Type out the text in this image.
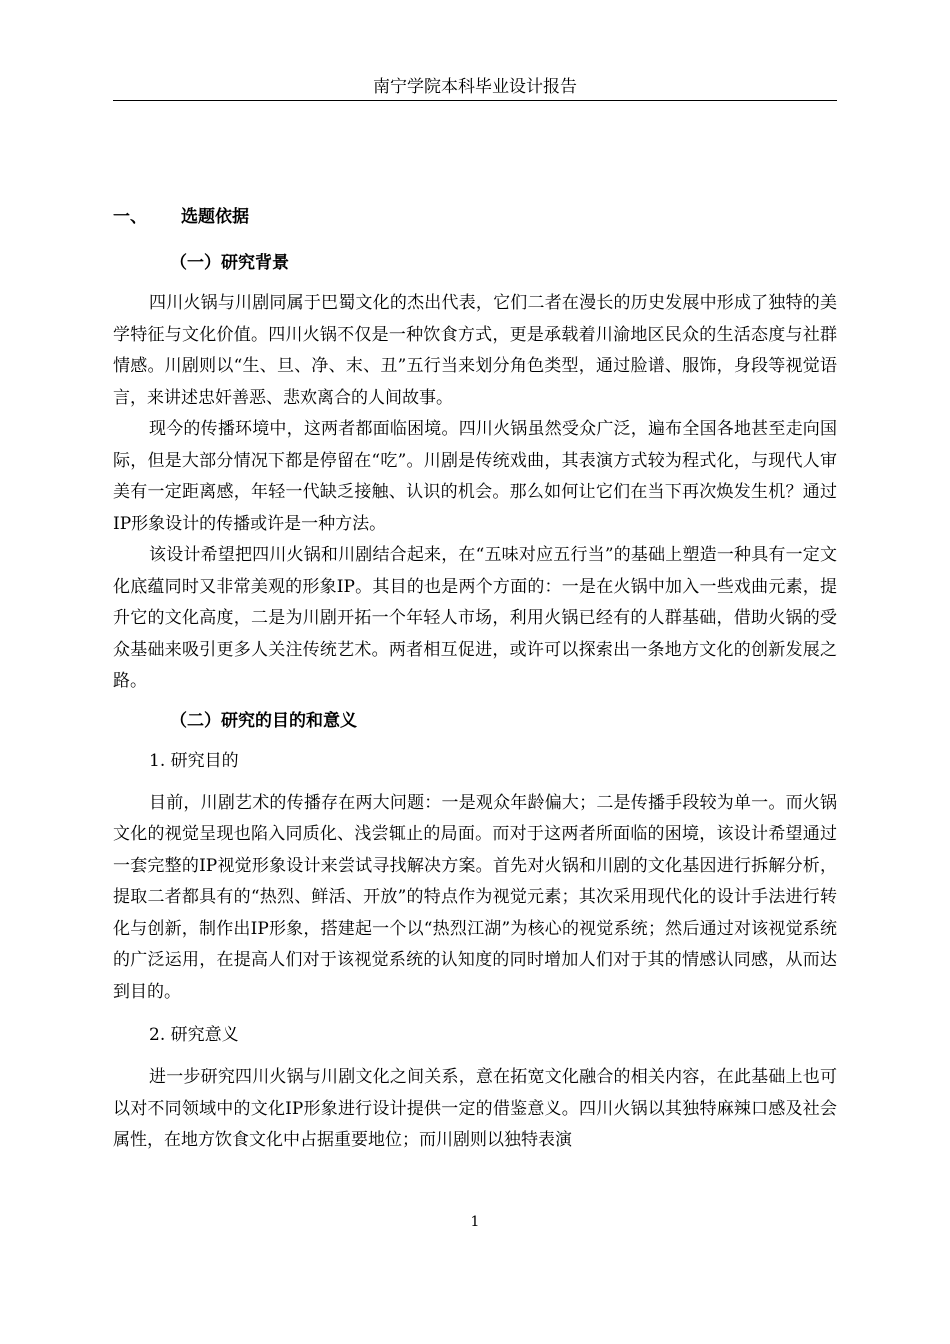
南宁学院本科毕业设计报告
一、 选题依据
（一）研究背景

四川火锅与川剧同属于巴蜀文化的杰出代表，它们二者在漫长的历史发展中形成了独特的美学特征与文化价值。四川火锅不仅是一种饮食方式，更是承载着川渝地区民众的生活态度与社群情感。川剧则以“生、旦、净、末、丑”五行当来划分角色类型，通过脸谱、服饰，身段等视觉语言，来讲述忠奸善恶、悲欢离合的人间故事。

现今的传播环境中，这两者都面临困境。四川火锅虽然受众广泛，遍布全国各地甚至走向国际，但是大部分情况下都是停留在“吃”。川剧是传统戏曲，其表演方式较为程式化，与现代人审美有一定距离感，年轻一代缺乏接触、认识的机会。那么如何让它们在当下再次焕发生机？通过IP形象设计的传播或许是一种方法。

该设计希望把四川火锅和川剧结合起来，在“五味对应五行当”的基础上塑造一种具有一定文化底蕴同时又非常美观的形象IP。其目的也是两个方面的：一是在火锅中加入一些戏曲元素，提升它的文化高度，二是为川剧开拓一个年轻人市场，利用火锅已经有的人群基础，借助火锅的受众基础来吸引更多人关注传统艺术。两者相互促进，或许可以探索出一条地方文化的创新发展之路。

（二）研究的目的和意义
1. 研究目的

目前，川剧艺术的传播存在两大问题：一是观众年龄偏大；二是传播手段较为单一。而火锅文化的视觉呈现也陷入同质化、浅尝辄止的局面。而对于这两者所面临的困境，该设计希望通过一套完整的IP视觉形象设计来尝试寻找解决方案。首先对火锅和川剧的文化基因进行拆解分析，提取二者都具有的“热烈、鲜活、开放”的特点作为视觉元素；其次采用现代化的设计手法进行转化与创新，制作出IP形象，搭建起一个以“热烈江湖”为核心的视觉系统；然后通过对该视觉系统的广泛运用，在提高人们对于该视觉系统的认知度的同时增加人们对于其的情感认同感，从而达到目的。

2. 研究意义

进一步研究四川火锅与川剧文化之间关系，意在拓宽文化融合的相关内容，在此基础上也可以对不同领域中的文化IP形象进行设计提供一定的借鉴意义。四川火锅以其独特麻辣口感及社会属性，在地方饮食文化中占据重要地位；而川剧则以独特表演

1
